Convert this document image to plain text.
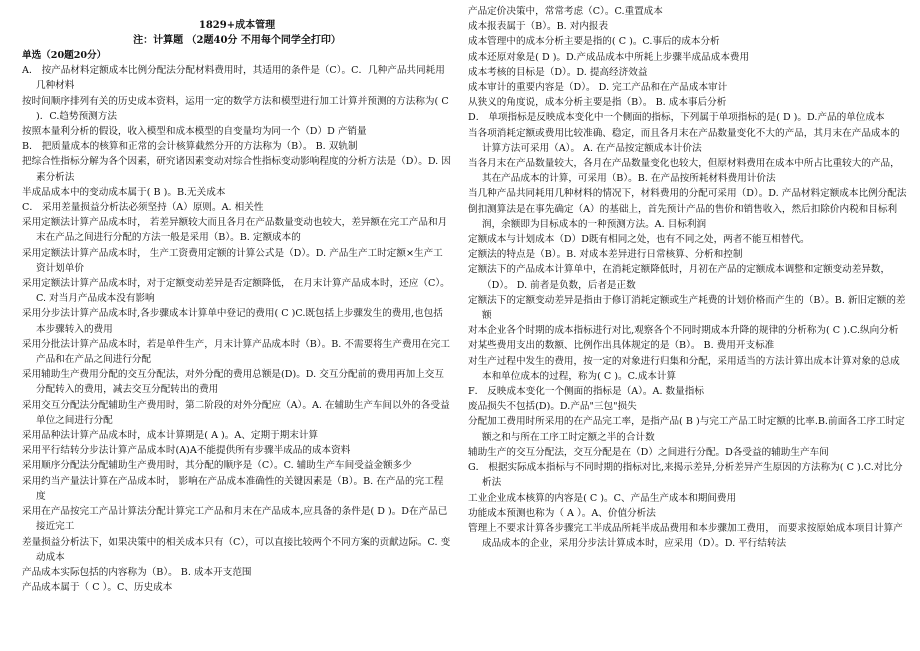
1829+成本管理
注：计算题 （2题40分 不用每个同学全打印）
单选（20题20分）
A． 按产品材料定额成本比例分配法分配材料费用时，其适用的条件是（C）。C．几种产品共同耗用几种材料
按时间顺序排列有关的历史成本资料，运用一定的数学方法和模型进行加工计算并预测的方法称为( C )．C.趋势预测方法
按照本量利分析的假设，收入模型和成本模型的自变量均为同一个（D）D 产销量
B． 把质量成本的核算和正常的会计核算截然分开的方法称为（B）。 B. 双轨制
把综合性指标分解为各个因素，研究诸因素变动对综合性指标变动影响程度的分析方法是（D）。D. 因素分析法
半成品成本中的变动成本属于( B )。B.无关成本
C． 采用差量损益分析法必须坚持（A）原则。A. 相关性
采用定额法计算产品成本时， 若差异额较大而且各月在产品数量变动也较大，差异额在完工产品和月末在产品之间进行分配的方法一般是采用（B）。B. 定额成本的
采用定额法计算产品成本时， 生产工资费用定额的计算公式是（D）。D. 产品生产工时定额×生产工资计划单价
采用定额法计算产品成本时，对于定额变动差异是否定额降低， 在月末计算产品成本时，还应（C）。C. 对当月产品成本没有影响
采用分步法计算产品成本时,各步骤成本计算单中登记的费用( C )C.既包括上步骤发生的费用,也包括本步骤转入的费用
采用分批法计算产品成本时，若是单件生产，月末计算产品成本时（B）。B. 不需要将生产费用在完工产品和在产品之间进行分配
采用辅助生产费用分配的交互分配法，对外分配的费用总额是(D)。D. 交互分配前的费用再加上交互分配转入的费用，减去交互分配转出的费用
采用交互分配法分配辅助生产费用时，第二阶段的对外分配应（A）。A. 在辅助生产车间以外的各受益单位之间进行分配
采用品种法计算产品成本时，成本计算期是( A )。A、定期于期末计算
采用平行结转分步法计算产品成本时(A)A不能提供所有步骤半成品的成本资料
采用顺序分配法分配辅助生产费用时，其分配的顺序是（C）。C. 辅助生产车间受益金额多少
采用约当产量法计算在产品成本时， 影响在产品成本准确性的关键因素是（B）。B. 在产品的完工程度
采用在产品按完工产品计算法分配计算完工产品和月末在产品成本,应具备的条件是( D )。D在产品已接近完工
差量损益分析法下，如果决策中的相关成本只有（C），可以直接比较两个不同方案的贡献边际。C. 变动成本
产品成本实际包括的内容称为（B）。 B. 成本开支范围
产品成本属于（ C ）。C、历史成本
产品定价决策中，常常考虑（C）。C.重置成本
成本报表属于（B）。B. 对内报表
成本管理中的成本分析主要是指的( C )。C.事后的成本分析
成本还原对象是( D )。D.产成品成本中所耗上步骤半成品成本费用
成本考核的目标是（D）。D. 提高经济效益
成本审计的重要内容是（D）。 D. 完工产品和在产品成本审计
从狭义的角度说，成本分析主要是指（B）。 B. 成本事后分析
D． 单项指标是反映成本变化中一个侧面的指标，下列属于单项指标的是( D )。D.产品的单位成本
当各项消耗定额或费用比较准确、稳定，而且各月末在产品数量变化不大的产品，其月末在产品成本的计算方法可采用（A）。 A. 在产品按定额成本计价法
当各月末在产品数量较大，各月在产品数量变化也较大，但原材料费用在成本中所占比重较大的产品，其在产品成本的计算，可采用（B）。B. 在产品按所耗材料费用计价法
当几种产品共同耗用几种材料的情况下，材料费用的分配可采用（D）。D. 产品材料定额成本比例分配法
倒扣测算法是在事先确定（A）的基础上，首先预计产品的售价和销售收入，然后扣除价内税和目标利润，余额即为目标成本的一种预测方法。A. 目标利润
定额成本与计划成本（D）D既有相同之处，也有不同之处，两者不能互相替代。
定额法的特点是（B）。B. 对成本差异进行日常核算、分析和控制
定额法下的产品成本计算单中，在消耗定额降低时，月初在产品的定额成本调整和定额变动差异数，（D）。 D. 前者是负数，后者是正数
定额法下的定额变动差异是指由于修订消耗定额或生产耗费的计划价格而产生的（B）。B. 新旧定额的差额
对本企业各个时期的成本指标进行对比,观察各个不同时期成本升降的规律的分析称为( C ).C.纵向分析
对某些费用支出的数额、比例作出具体规定的是（B）。 B. 费用开支标准
对生产过程中发生的费用，按一定的对象进行归集和分配，采用适当的方法计算出成本计算对象的总成本和单位成本的过程，称为( C )。C.成本计算
F． 反映成本变化一个侧面的指标是（A）。A. 数量指标
废品损失不包括(D)。D.产品"三包"损失
分配加工费用时所采用的在产品完工率，是指产品( B )与完工产品工时定额的比率.B.前面各工序工时定额之和与所在工序工时定额之半的合计数
辅助生产的交互分配法，交互分配是在（D）之间进行分配。D各受益的辅助生产车间
G． 根据实际成本指标与不同时期的指标对比,来揭示差异,分析差异产生原因的方法称为( C ).C.对比分析法
工业企业成本核算的内容是( C )。C、产品生产成本和期间费用
功能成本预测也称为（ A ）。A、价值分析法
管理上不要求计算各步骤完工半成品所耗半成品费用和本步骤加工费用， 而要求按原始成本项目计算产成品成本的企业，采用分步法计算成本时，应采用（D）。D. 平行结转法
